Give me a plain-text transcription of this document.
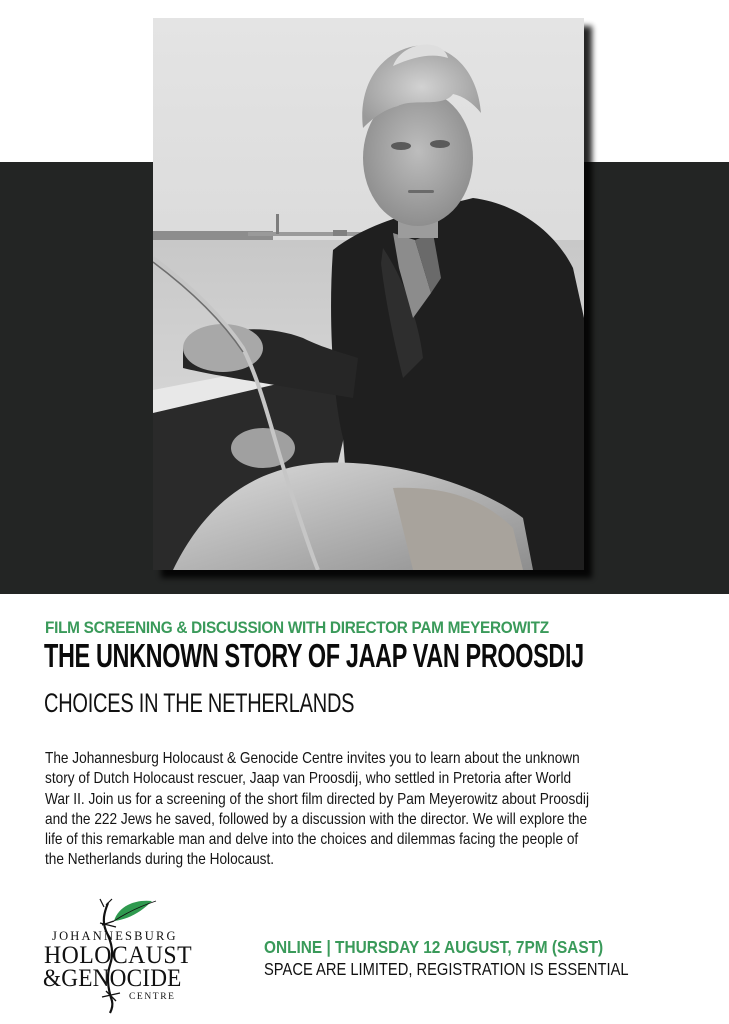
FILM SCREENING & DISCUSSION WITH DIRECTOR PAM MEYEROWITZ
THE UNKNOWN STORY OF JAAP VAN PROOSDIJ
CHOICES IN THE NETHERLANDS

The Johannesburg Holocaust & Genocide Centre invites you to learn about the unknown

story of Dutch Holocaust rescuer, Jaap van Proosdij, who settled in Pretoria after World

War II. Join us for a screening of the short film directed by Pam Meyerowitz about Proosdij

and the 222 Jews he saved, followed by a discussion with the director. We will explore the

life of this remarkable man and delve into the choices and dilemmas facing the people of

the Netherlands during the Holocaust.

JOHANNESBURG
HOLOCAUST
&GENOCIDE
CENTRE
ONLINE | THURSDAY 12 AUGUST, 7PM (SAST)
SPACE ARE LIMITED, REGISTRATION IS ESSENTIAL
